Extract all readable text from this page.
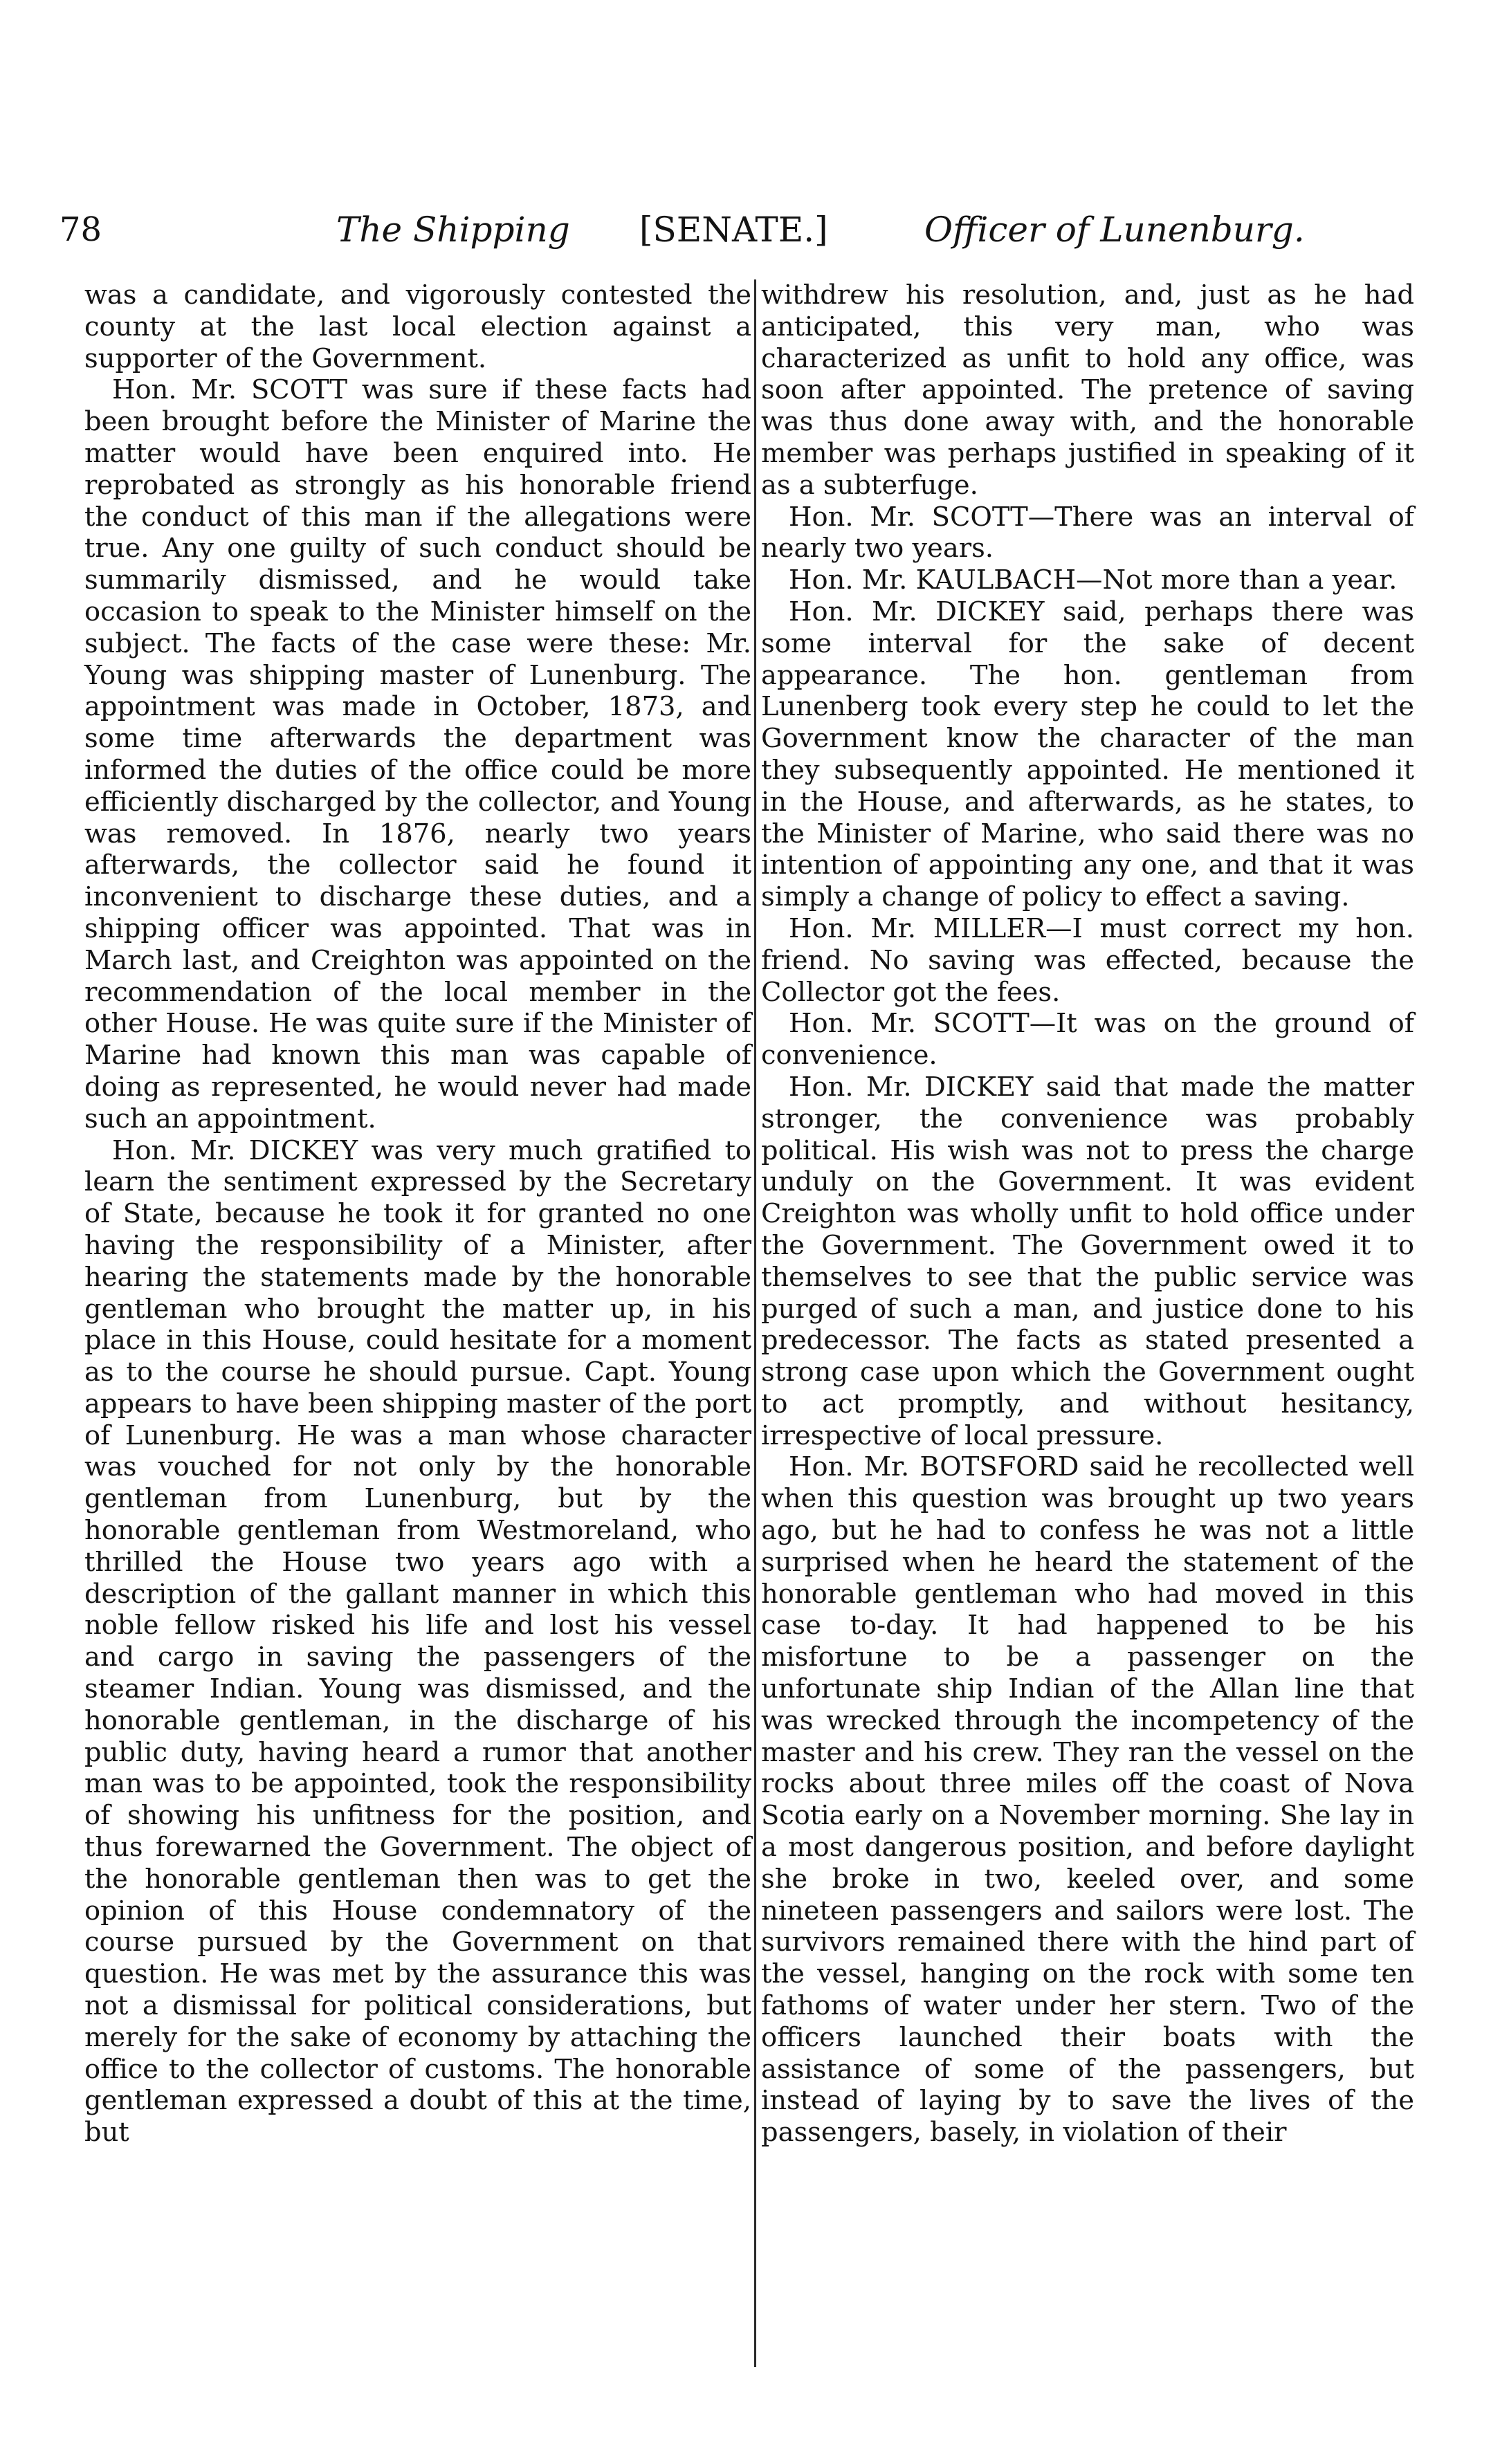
78	The Shipping [SENATE.]	Officer of Lunenburg.

was a candidate, and vigorously contested the county at the last local election against a supporter of the Government.

Hon. Mr. SCOTT was sure if these facts had been brought before the Minister of Marine the matter would have been enquired into. He reprobated as strongly as his honorable friend the conduct of this man if the allegations were true. Any one guilty of such conduct should be summarily dismissed, and he would take occasion to speak to the Minister himself on the subject. The facts of the case were these: Mr. Young was shipping master of Lunenburg. The appointment was made in October, 1873, and some time afterwards the department was informed the duties of the office could be more efficiently discharged by the collector, and Young was removed. In 1876, nearly two years afterwards, the collector said he found it inconvenient to discharge these duties, and a shipping officer was appointed. That was in March last, and Creighton was appointed on the recommendation of the local member in the other House. He was quite sure if the Minister of Marine had known this man was capable of doing as represented, he would never had made such an appointment.

Hon. Mr. DICKEY was very much gratified to learn the sentiment expressed by the Secretary of State, because he took it for granted no one having the responsibility of a Minister, after hearing the statements made by the honorable gentleman who brought the matter up, in his place in this House, could hesitate for a moment as to the course he should pursue. Capt. Young appears to have been shipping master of the port of Lunenburg. He was a man whose character was vouched for not only by the honorable gentleman from Lunenburg, but by the honorable gentleman from Westmoreland, who thrilled the House two years ago with a description of the gallant manner in which this noble fellow risked his life and lost his vessel and cargo in saving the passengers of the steamer Indian. Young was dismissed, and the honorable gentleman, in the discharge of his public duty, having heard a rumor that another man was to be appointed, took the responsibility of showing his unfitness for the position, and thus forewarned the Government. The object of the honorable gentleman then was to get the opinion of this House condemnatory of the course pursued by the Government on that question. He was met by the assurance this was not a dismissal for political considerations, but merely for the sake of economy by attaching the office to the collector of customs. The honorable gentleman expressed a doubt of this at the time, but

withdrew his resolution, and, just as he had anticipated, this very man, who was characterized as unfit to hold any office, was soon after appointed. The pretence of saving was thus done away with, and the honorable member was perhaps justified in speaking of it as a subterfuge.

Hon. Mr. SCOTT—There was an interval of nearly two years.

Hon. Mr. KAULBACH—Not more than a year.

Hon. Mr. DICKEY said, perhaps there was some interval for the sake of decent appearance. The hon. gentleman from Lunenberg took every step he could to let the Government know the character of the man they subsequently appointed. He mentioned it in the House, and afterwards, as he states, to the Minister of Marine, who said there was no intention of appointing any one, and that it was simply a change of policy to effect a saving.

Hon. Mr. MILLER—I must correct my hon. friend. No saving was effected, because the Collector got the fees.

Hon. Mr. SCOTT—It was on the ground of convenience.

Hon. Mr. DICKEY said that made the matter stronger, the convenience was probably political. His wish was not to press the charge unduly on the Government. It was evident Creighton was wholly unfit to hold office under the Government. The Government owed it to themselves to see that the public service was purged of such a man, and justice done to his predecessor. The facts as stated presented a strong case upon which the Government ought to act promptly, and without hesitancy, irrespective of local pressure.

Hon. Mr. BOTSFORD said he recollected well when this question was brought up two years ago, but he had to confess he was not a little surprised when he heard the statement of the honorable gentleman who had moved in this case to-day. It had happened to be his misfortune to be a passenger on the unfortunate ship Indian of the Allan line that was wrecked through the incompetency of the master and his crew. They ran the vessel on the rocks about three miles off the coast of Nova Scotia early on a November morning. She lay in a most dangerous position, and before daylight she broke in two, keeled over, and some nineteen passengers and sailors were lost. The survivors remained there with the hind part of the vessel, hanging on the rock with some ten fathoms of water under her stern. Two of the officers launched their boats with the assistance of some of the passengers, but instead of laying by to save the lives of the passengers, basely, in violation of their
